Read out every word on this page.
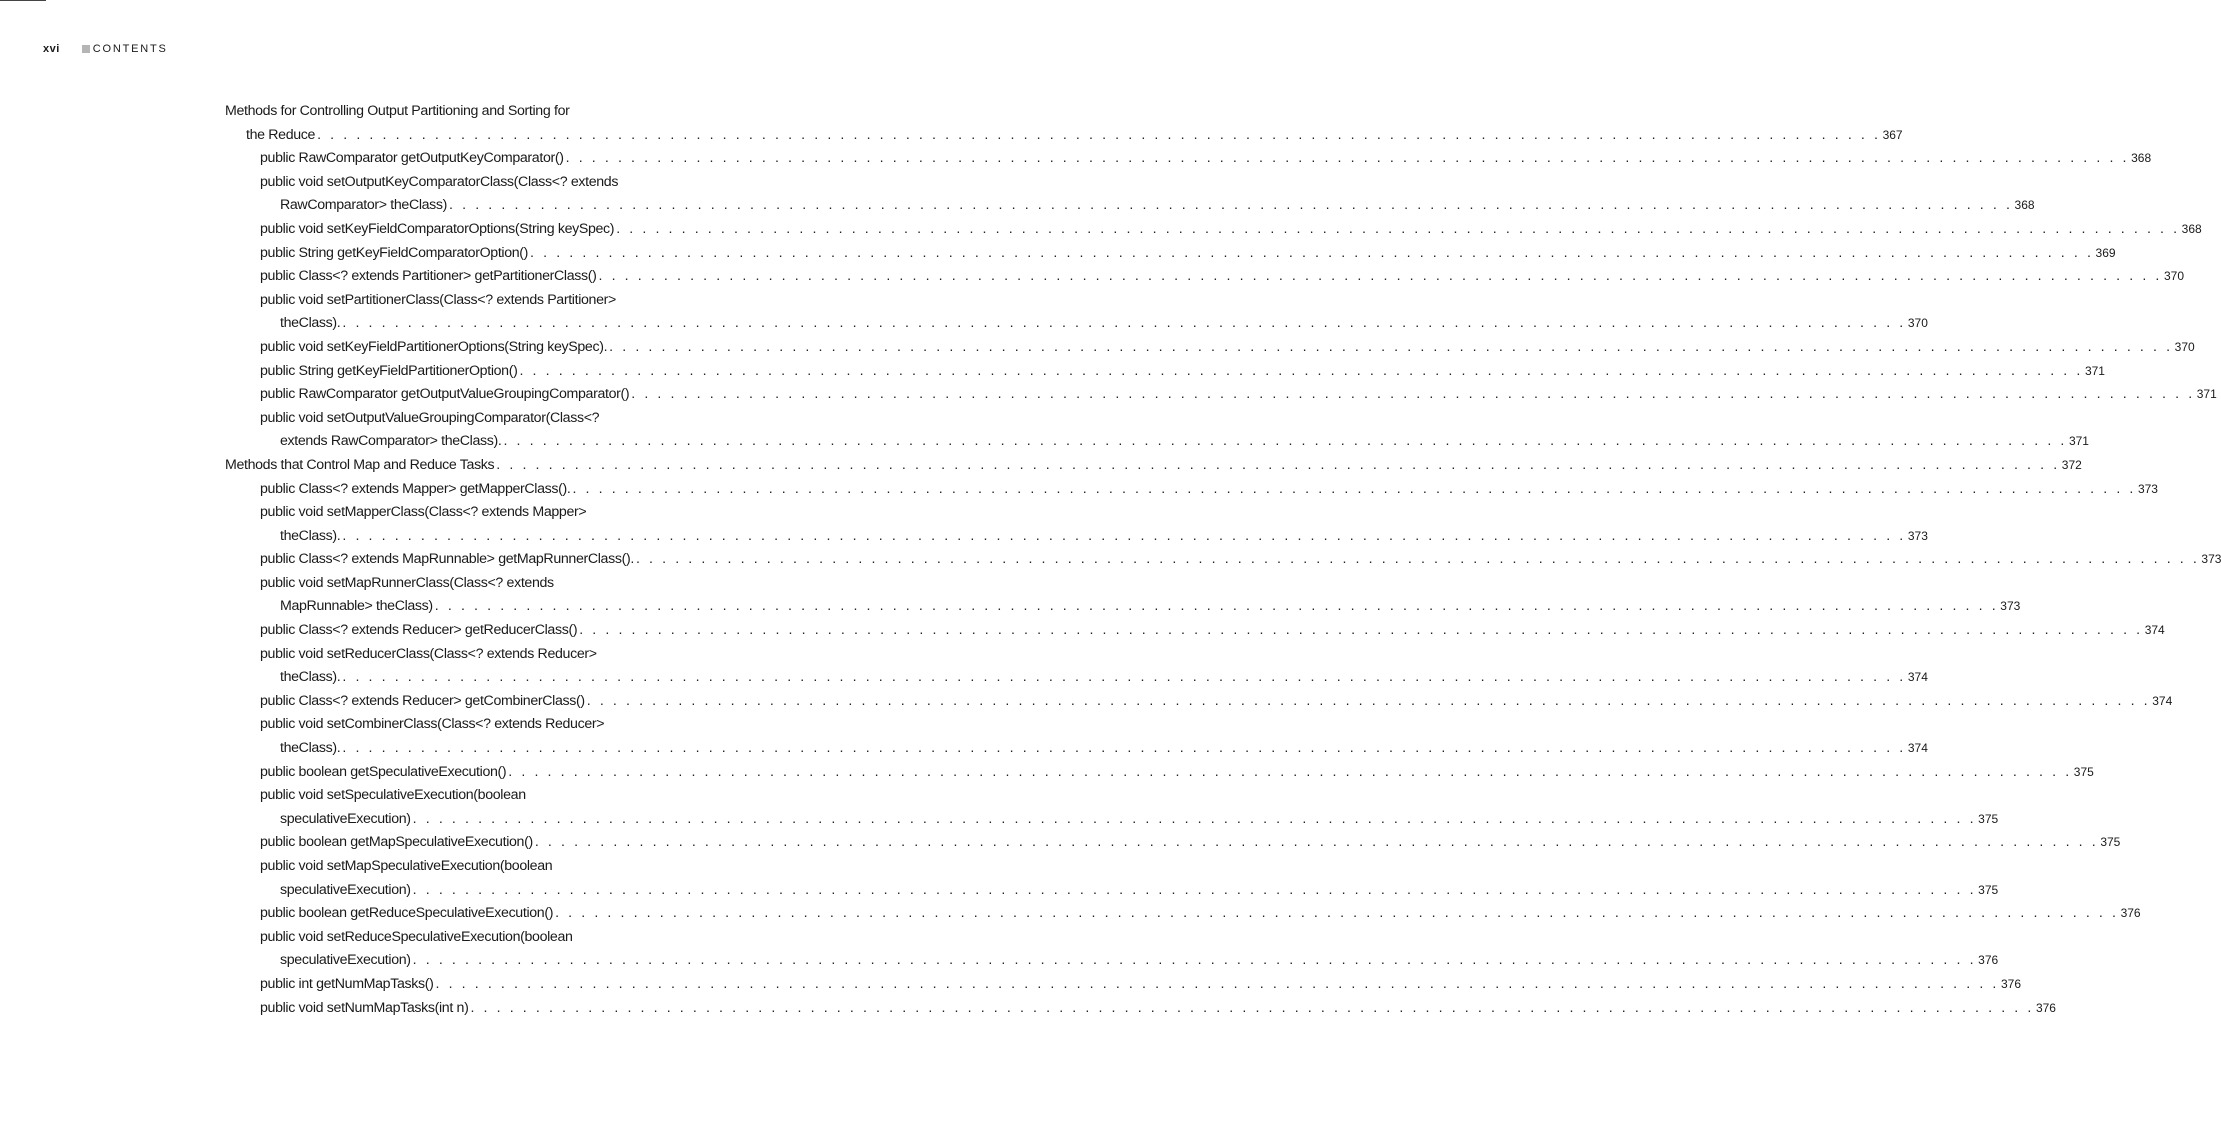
xvi	CONTENTS
Methods for Controlling Output Partitioning and Sorting for
the Reduce . . . . . . . . . . . . . . . . . . . . . . . . . . . . . . . . . . . . . . . . . . . . . . . . . . . . . . . . . . . . . . . . . . . . . . . . . . . . . . . . . . . . . . . . . . . . . . . . . . . . . . . . . . . . . . . . . . . . . . . . 367
public RawComparator getOutputKeyComparator() . . . . . . . . . . . . . . . . . . . . . . . . . . . . . . . . . . . . . . . . . . . . . . . . . . . . . . . . . . . . . . . . . . . . . . . . . . . . . . . . . . . . . . . . . . . . . . . . . . . . . . . . . . . . . . . . . . . . . . . . 368
public void setOutputKeyComparatorClass(Class<? extends
RawComparator> theClass) . . . . . . . . . . . . . . . . . . . . . . . . . . . . . . . . . . . . . . . . . . . . . . . . . . . . . . . . . . . . . . . . . . . . . . . . . . . . . . . . . . . . . . . . . . . . . . . . . . . . . . . . . . . . . . . . . . . . . . . . 368
public void setKeyFieldComparatorOptions(String keySpec) . . . . . . . . . . . . . . . . . . . . . . . . . . . . . . . . . . . . . . . . . . . . . . . . . . . . . . . . . . . . . . . . . . . . . . . . . . . . . . . . . . . . . . . . . . . . . . . . . . . . . . . . . . . . . . . . . . . . . . . . 368
public String getKeyFieldComparatorOption() . . . . . . . . . . . . . . . . . . . . . . . . . . . . . . . . . . . . . . . . . . . . . . . . . . . . . . . . . . . . . . . . . . . . . . . . . . . . . . . . . . . . . . . . . . . . . . . . . . . . . . . . . . . . . . . . . . . . . . . . 369
public Class<? extends Partitioner> getPartitionerClass() . . . . . . . . . . . . . . . . . . . . . . . . . . . . . . . . . . . . . . . . . . . . . . . . . . . . . . . . . . . . . . . . . . . . . . . . . . . . . . . . . . . . . . . . . . . . . . . . . . . . . . . . . . . . . . . . . . . . . . . . 370
public void setPartitionerClass(Class<? extends Partitioner>
theClass). . . . . . . . . . . . . . . . . . . . . . . . . . . . . . . . . . . . . . . . . . . . . . . . . . . . . . . . . . . . . . . . . . . . . . . . . . . . . . . . . . . . . . . . . . . . . . . . . . . . . . . . . . . . . . . . . . . . . . . . . 370
public void setKeyFieldPartitionerOptions(String keySpec). . . . . . . . . . . . . . . . . . . . . . . . . . . . . . . . . . . . . . . . . . . . . . . . . . . . . . . . . . . . . . . . . . . . . . . . . . . . . . . . . . . . . . . . . . . . . . . . . . . . . . . . . . . . . . . . . . . . . . . . . 370
public String getKeyFieldPartitionerOption() . . . . . . . . . . . . . . . . . . . . . . . . . . . . . . . . . . . . . . . . . . . . . . . . . . . . . . . . . . . . . . . . . . . . . . . . . . . . . . . . . . . . . . . . . . . . . . . . . . . . . . . . . . . . . . . . . . . . . . . . 371
public RawComparator getOutputValueGroupingComparator() . . . . . . . . . . . . . . . . . . . . . . . . . . . . . . . . . . . . . . . . . . . . . . . . . . . . . . . . . . . . . . . . . . . . . . . . . . . . . . . . . . . . . . . . . . . . . . . . . . . . . . . . . . . . . . . . . . . . . . . . 371
public void setOutputValueGroupingComparator(Class<?
extends RawComparator> theClass). . . . . . . . . . . . . . . . . . . . . . . . . . . . . . . . . . . . . . . . . . . . . . . . . . . . . . . . . . . . . . . . . . . . . . . . . . . . . . . . . . . . . . . . . . . . . . . . . . . . . . . . . . . . . . . . . . . . . . . . . 371
Methods that Control Map and Reduce Tasks . . . . . . . . . . . . . . . . . . . . . . . . . . . . . . . . . . . . . . . . . . . . . . . . . . . . . . . . . . . . . . . . . . . . . . . . . . . . . . . . . . . . . . . . . . . . . . . . . . . . . . . . . . . . . . . . . . . . . . . . 372
public Class<? extends Mapper> getMapperClass(). . . . . . . . . . . . . . . . . . . . . . . . . . . . . . . . . . . . . . . . . . . . . . . . . . . . . . . . . . . . . . . . . . . . . . . . . . . . . . . . . . . . . . . . . . . . . . . . . . . . . . . . . . . . . . . . . . . . . . . . . 373
public void setMapperClass(Class<? extends Mapper>
theClass). . . . . . . . . . . . . . . . . . . . . . . . . . . . . . . . . . . . . . . . . . . . . . . . . . . . . . . . . . . . . . . . . . . . . . . . . . . . . . . . . . . . . . . . . . . . . . . . . . . . . . . . . . . . . . . . . . . . . . . . . 373
public Class<? extends MapRunnable> getMapRunnerClass(). . . . . . . . . . . . . . . . . . . . . . . . . . . . . . . . . . . . . . . . . . . . . . . . . . . . . . . . . . . . . . . . . . . . . . . . . . . . . . . . . . . . . . . . . . . . . . . . . . . . . . . . . . . . . . . . . . . . . . . . . 373
public void setMapRunnerClass(Class<? extends
MapRunnable> theClass) . . . . . . . . . . . . . . . . . . . . . . . . . . . . . . . . . . . . . . . . . . . . . . . . . . . . . . . . . . . . . . . . . . . . . . . . . . . . . . . . . . . . . . . . . . . . . . . . . . . . . . . . . . . . . . . . . . . . . . . . 373
public Class<? extends Reducer> getReducerClass() . . . . . . . . . . . . . . . . . . . . . . . . . . . . . . . . . . . . . . . . . . . . . . . . . . . . . . . . . . . . . . . . . . . . . . . . . . . . . . . . . . . . . . . . . . . . . . . . . . . . . . . . . . . . . . . . . . . . . . . . 374
public void setReducerClass(Class<? extends Reducer>
theClass). . . . . . . . . . . . . . . . . . . . . . . . . . . . . . . . . . . . . . . . . . . . . . . . . . . . . . . . . . . . . . . . . . . . . . . . . . . . . . . . . . . . . . . . . . . . . . . . . . . . . . . . . . . . . . . . . . . . . . . . . 374
public Class<? extends Reducer> getCombinerClass() . . . . . . . . . . . . . . . . . . . . . . . . . . . . . . . . . . . . . . . . . . . . . . . . . . . . . . . . . . . . . . . . . . . . . . . . . . . . . . . . . . . . . . . . . . . . . . . . . . . . . . . . . . . . . . . . . . . . . . . . 374
public void setCombinerClass(Class<? extends Reducer>
theClass). . . . . . . . . . . . . . . . . . . . . . . . . . . . . . . . . . . . . . . . . . . . . . . . . . . . . . . . . . . . . . . . . . . . . . . . . . . . . . . . . . . . . . . . . . . . . . . . . . . . . . . . . . . . . . . . . . . . . . . . . 374
public boolean getSpeculativeExecution() . . . . . . . . . . . . . . . . . . . . . . . . . . . . . . . . . . . . . . . . . . . . . . . . . . . . . . . . . . . . . . . . . . . . . . . . . . . . . . . . . . . . . . . . . . . . . . . . . . . . . . . . . . . . . . . . . . . . . . . . 375
public void setSpeculativeExecution(boolean
speculativeExecution) . . . . . . . . . . . . . . . . . . . . . . . . . . . . . . . . . . . . . . . . . . . . . . . . . . . . . . . . . . . . . . . . . . . . . . . . . . . . . . . . . . . . . . . . . . . . . . . . . . . . . . . . . . . . . . . . . . . . . . . . 375
public boolean getMapSpeculativeExecution() . . . . . . . . . . . . . . . . . . . . . . . . . . . . . . . . . . . . . . . . . . . . . . . . . . . . . . . . . . . . . . . . . . . . . . . . . . . . . . . . . . . . . . . . . . . . . . . . . . . . . . . . . . . . . . . . . . . . . . . . 375
public void setMapSpeculativeExecution(boolean
speculativeExecution) . . . . . . . . . . . . . . . . . . . . . . . . . . . . . . . . . . . . . . . . . . . . . . . . . . . . . . . . . . . . . . . . . . . . . . . . . . . . . . . . . . . . . . . . . . . . . . . . . . . . . . . . . . . . . . . . . . . . . . . . 375
public boolean getReduceSpeculativeExecution() . . . . . . . . . . . . . . . . . . . . . . . . . . . . . . . . . . . . . . . . . . . . . . . . . . . . . . . . . . . . . . . . . . . . . . . . . . . . . . . . . . . . . . . . . . . . . . . . . . . . . . . . . . . . . . . . . . . . . . . . 376
public void setReduceSpeculativeExecution(boolean
speculativeExecution) . . . . . . . . . . . . . . . . . . . . . . . . . . . . . . . . . . . . . . . . . . . . . . . . . . . . . . . . . . . . . . . . . . . . . . . . . . . . . . . . . . . . . . . . . . . . . . . . . . . . . . . . . . . . . . . . . . . . . . . . 376
public int getNumMapTasks() . . . . . . . . . . . . . . . . . . . . . . . . . . . . . . . . . . . . . . . . . . . . . . . . . . . . . . . . . . . . . . . . . . . . . . . . . . . . . . . . . . . . . . . . . . . . . . . . . . . . . . . . . . . . . . . . . . . . . . . . 376
public void setNumMapTasks(int n) . . . . . . . . . . . . . . . . . . . . . . . . . . . . . . . . . . . . . . . . . . . . . . . . . . . . . . . . . . . . . . . . . . . . . . . . . . . . . . . . . . . . . . . . . . . . . . . . . . . . . . . . . . . . . . . . . . . . . . . . 376
